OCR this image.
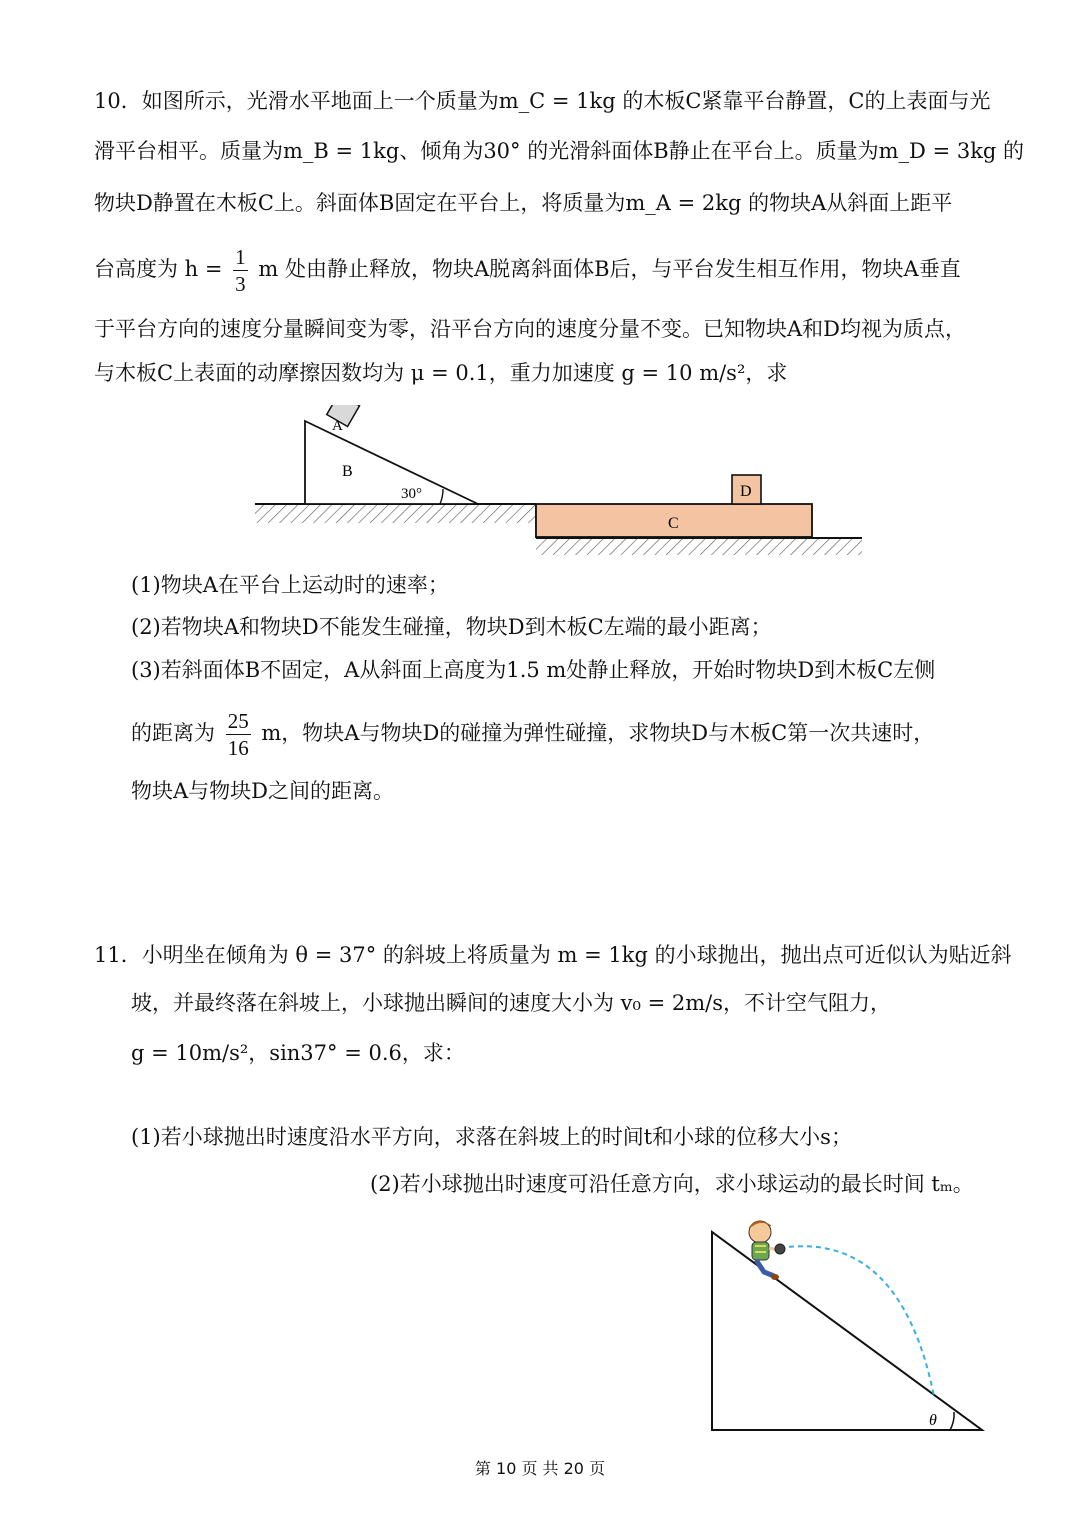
10．如图所示，光滑水平地面上一个质量为m_C = 1kg 的木板C紧靠平台静置，C的上表面与光
滑平台相平。质量为m_B = 1kg、倾角为30° 的光滑斜面体B静止在平台上。质量为m_D = 3kg 的
物块D静置在木板C上。斜面体B固定在平台上，将质量为m_A = 2kg 的物块A从斜面上距平
台高度为 $h = \frac{1}{3}$ m 处由静止释放，物块A脱离斜面体B后，与平台发生相互作用，物块A垂直
于平台方向的速度分量瞬间变为零，沿平台方向的速度分量不变。已知物块A和D均视为质点，
与木板C上表面的动摩擦因数均为 μ = 0.1，重力加速度 g = 10 m/s²，求
B
30°
A
C
D
(1)物块A在平台上运动时的速率；
(2)若物块A和物块D不能发生碰撞，物块D到木板C左端的最小距离；
(3)若斜面体B不固定，A从斜面上高度为1.5 m处静止释放，开始时物块D到木板C左侧
的距离为 $\frac{25}{16}$ m，物块A与物块D的碰撞为弹性碰撞，求物块D与木板C第一次共速时，
物块A与物块D之间的距离。
11．小明坐在倾角为 θ = 37° 的斜坡上将质量为 m = 1kg 的小球抛出，抛出点可近似认为贴近斜
坡，并最终落在斜坡上，小球抛出瞬间的速度大小为 v₀ = 2m/s，不计空气阻力，
g = 10m/s²，sin37° = 0.6，求：
(1)若小球抛出时速度沿水平方向，求落在斜坡上的时间t和小球的位移大小s；
(2)若小球抛出时速度可沿任意方向，求小球运动的最长时间 tₘ。
θ
第 10 页 共 20 页
